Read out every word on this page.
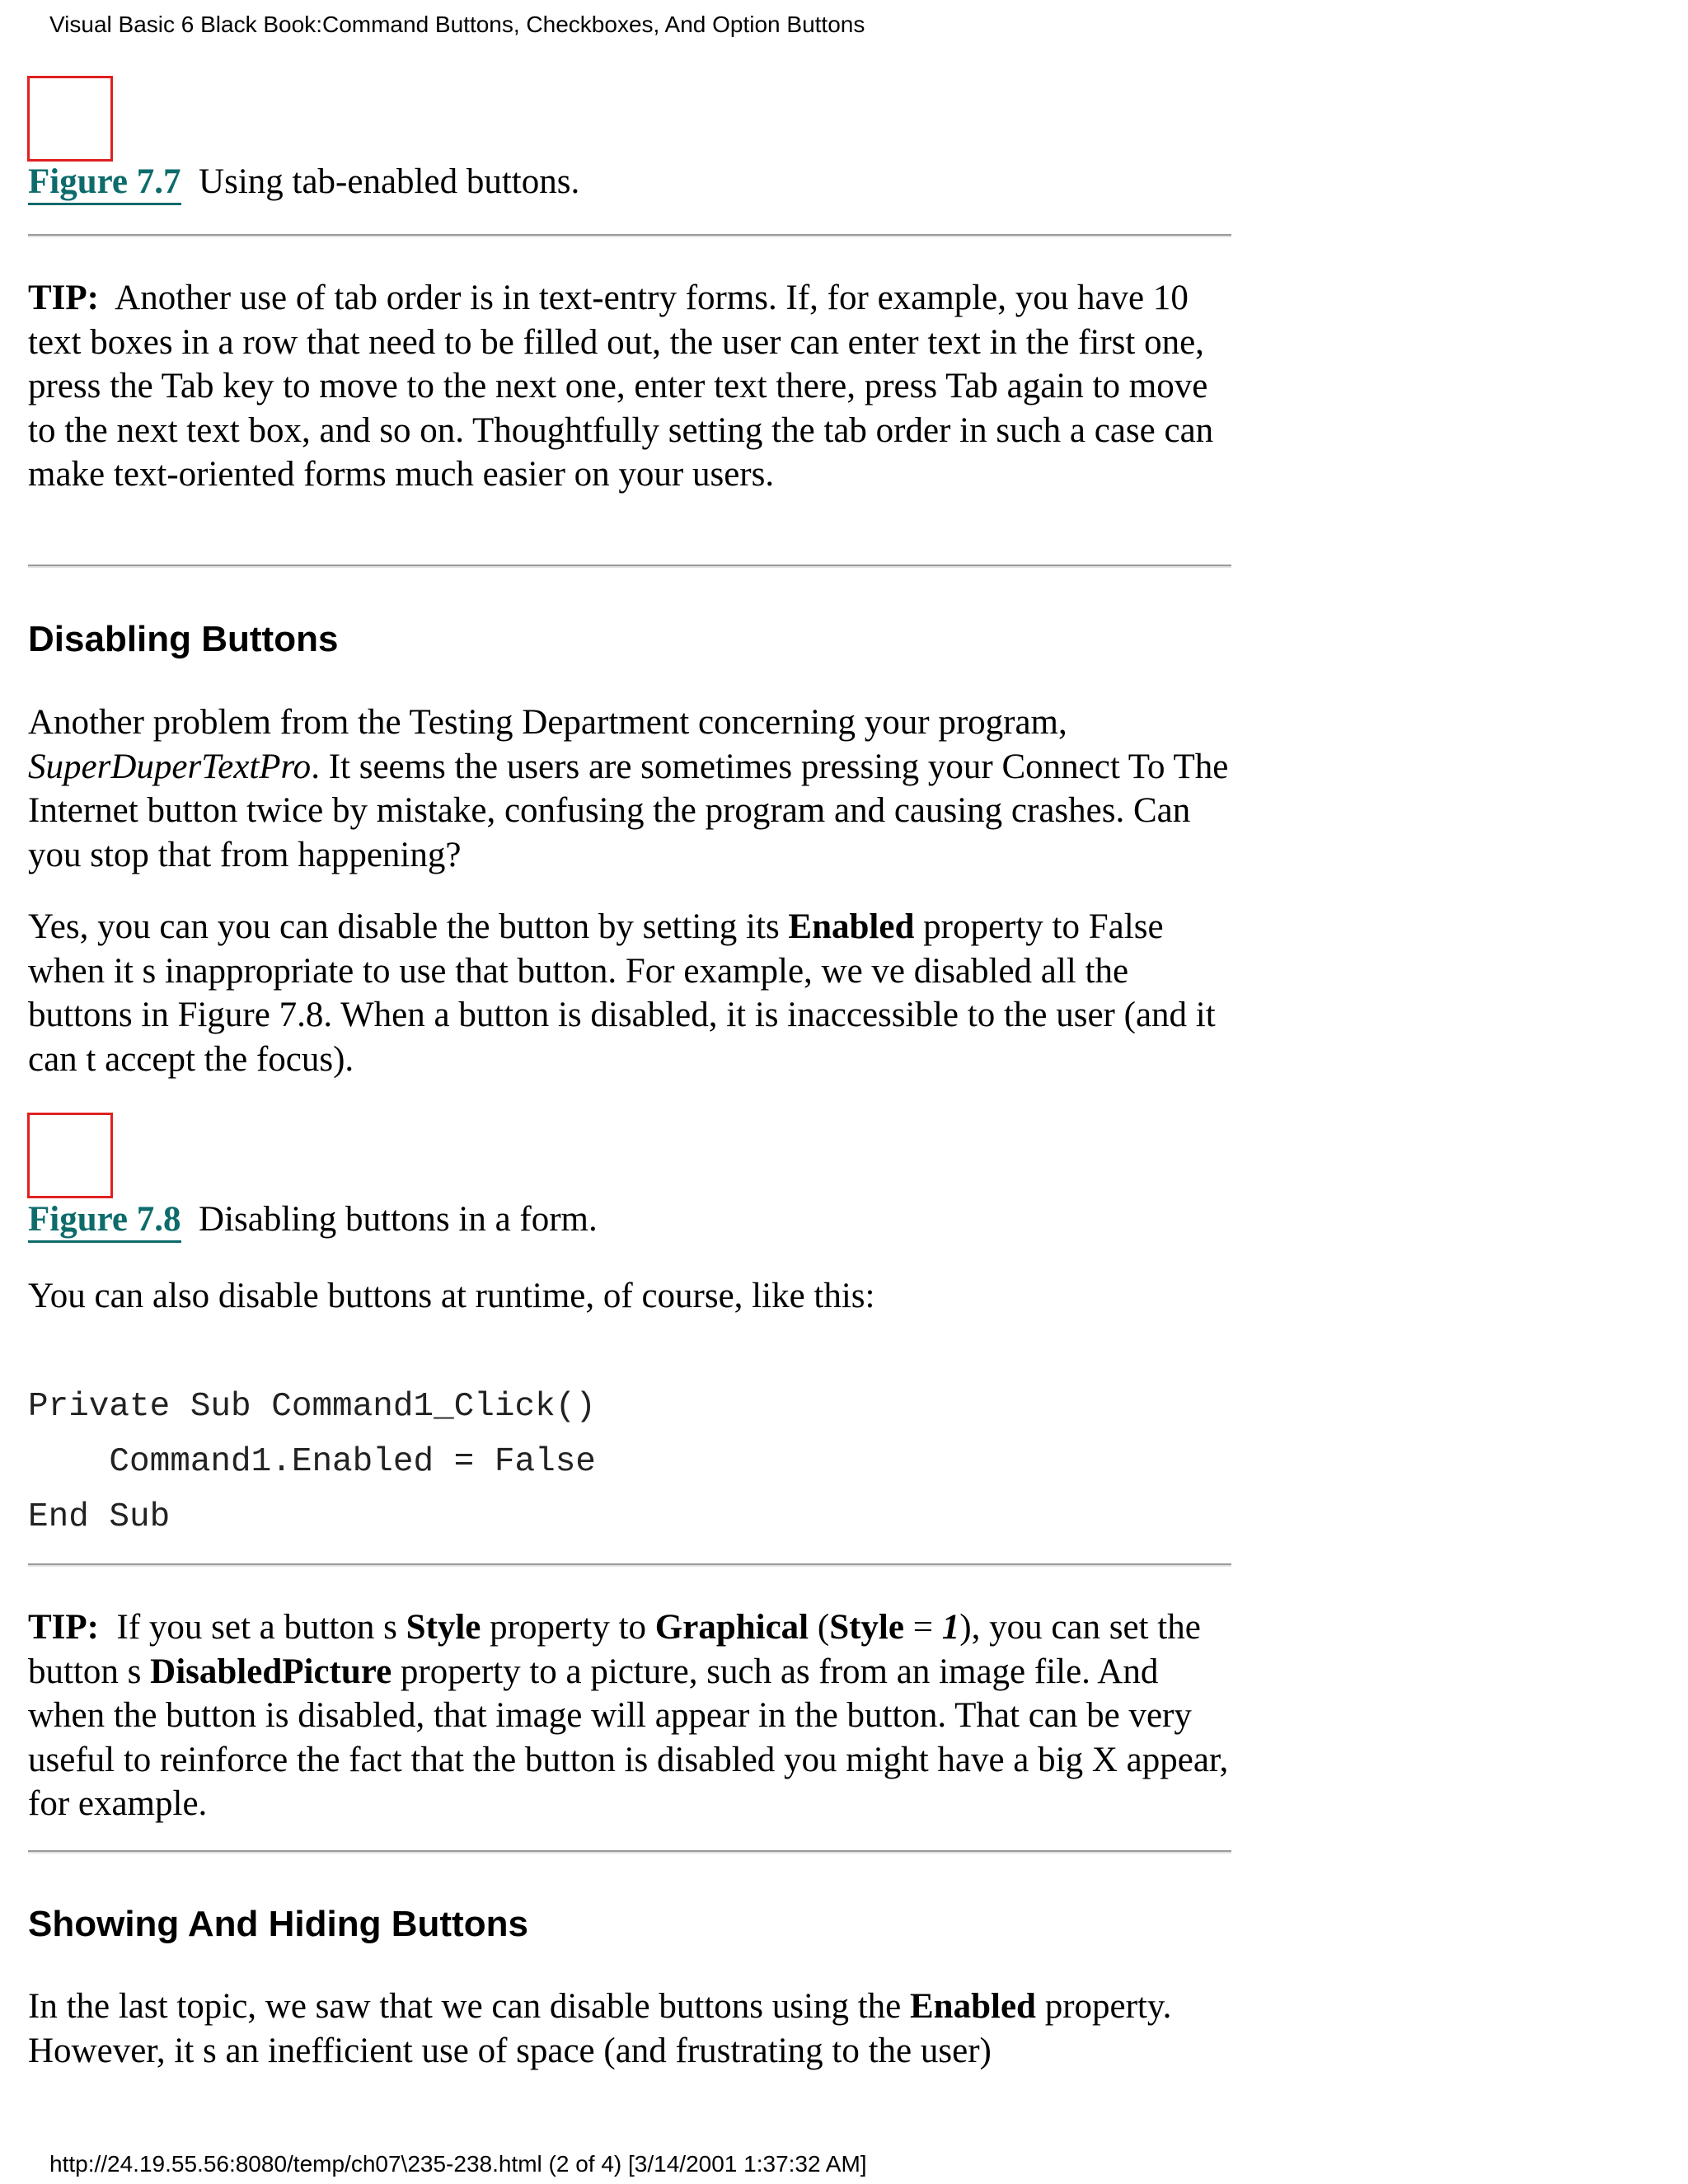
Visual Basic 6 Black Book:Command Buttons, Checkboxes, And Option Buttons
Figure 7.7 Using tab-enabled buttons.
TIP: Another use of tab order is in text-entry forms. If, for example, you have 10 text boxes in a row that need to be filled out, the user can enter text in the first one, press the Tab key to move to the next one, enter text there, press Tab again to move to the next text box, and so on. Thoughtfully setting the tab order in such a case can make text-oriented forms much easier on your users.
Disabling Buttons
Another problem from the Testing Department concerning your program, SuperDuperTextPro. It seems the users are sometimes pressing your Connect To The Internet button twice by mistake, confusing the program and causing crashes. Can you stop that from happening?
Yes, you can you can disable the button by setting its Enabled property to False when it s inappropriate to use that button. For example, we ve disabled all the buttons in Figure 7.8. When a button is disabled, it is inaccessible to the user (and it can t accept the focus).
Figure 7.8 Disabling buttons in a form.
You can also disable buttons at runtime, of course, like this:
Private Sub Command1_Click()
Command1.Enabled = False
End Sub
TIP: If you set a button s Style property to Graphical (Style = 1), you can set the button s DisabledPicture property to a picture, such as from an image file. And when the button is disabled, that image will appear in the button. That can be very useful to reinforce the fact that the button is disabled you might have a big X appear, for example.
Showing And Hiding Buttons
In the last topic, we saw that we can disable buttons using the Enabled property. However, it s an inefficient use of space (and frustrating to the user)
http://24.19.55.56:8080/temp/ch07\235-238.html (2 of 4) [3/14/2001 1:37:32 AM]
